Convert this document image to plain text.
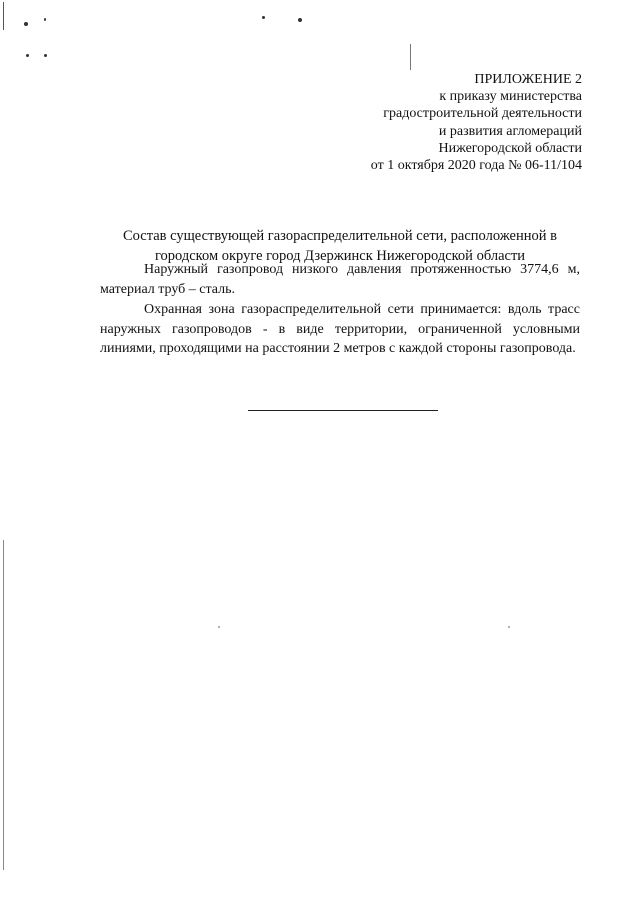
ПРИЛОЖЕНИЕ 2
к приказу министерства
градостроительной деятельности
и развития агломераций
Нижегородской области
от 1 октября 2020 года № 06-11/104
Состав существующей газораспределительной сети, расположенной в
городском округе город Дзержинск Нижегородской области

Наружный газопровод низкого давления протяженностью 3774,6 м, материал труб – сталь.

Охранная зона газораспределительной сети принимается: вдоль трасс наружных газопроводов - в виде территории, ограниченной условными линиями, проходящими на расстоянии 2 метров с каждой стороны газопровода.
